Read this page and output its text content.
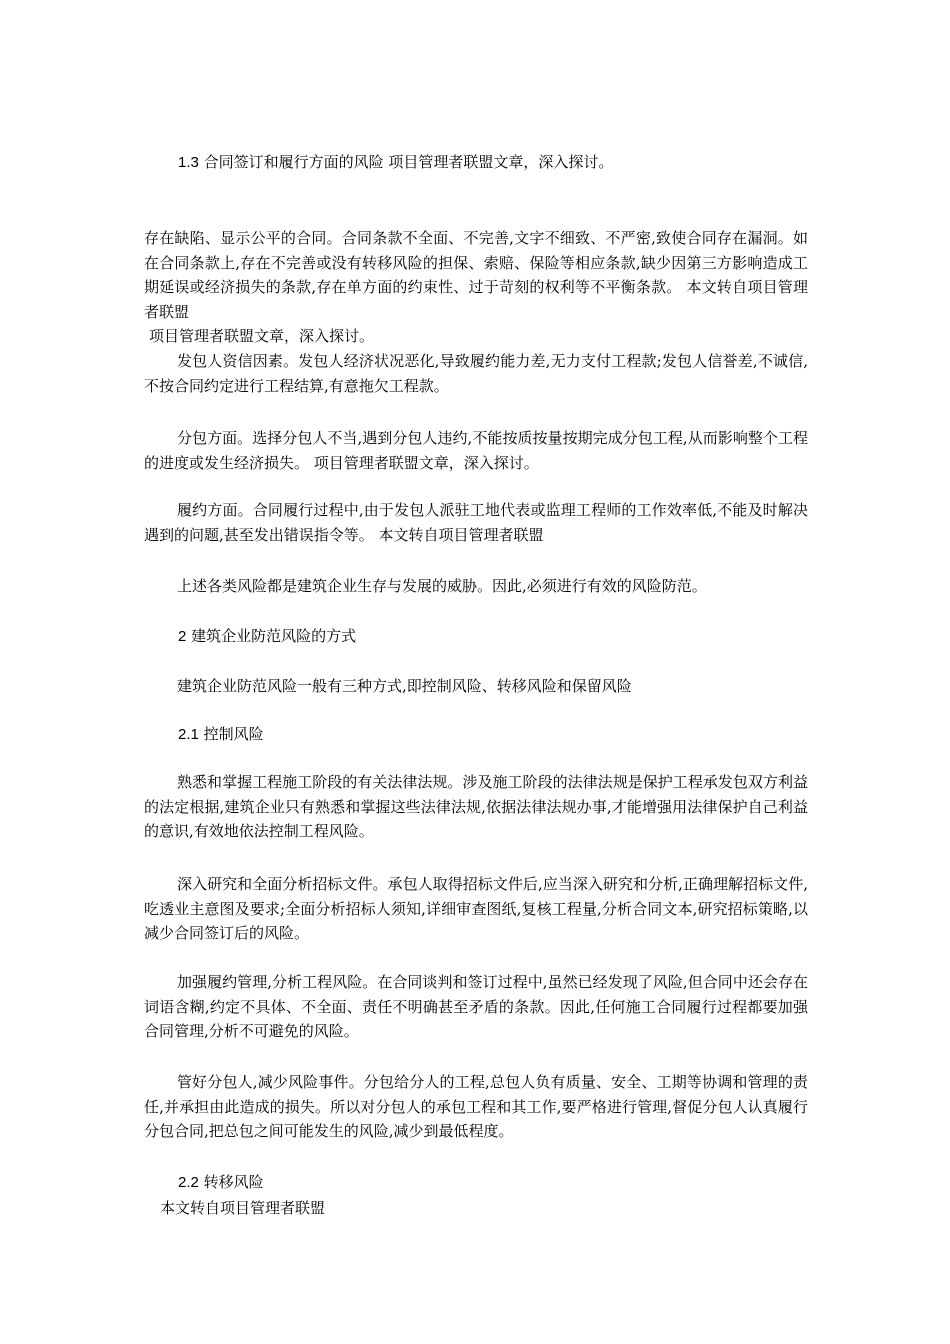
1.3 合同签订和履行方面的风险 项目管理者联盟文章，深入探讨。
存在缺陷、显示公平的合同。合同条款不全面、不完善,文字不细致、不严密,致使合同存在漏洞。如在合同条款上,存在不完善或没有转移风险的担保、索赔、保险等相应条款,缺少因第三方影响造成工期延误或经济损失的条款,存在单方面的约束性、过于苛刻的权利等不平衡条款。 本文转自项目管理者联盟
项目管理者联盟文章，深入探讨。
发包人资信因素。发包人经济状况恶化,导致履约能力差,无力支付工程款;发包人信誉差,不诚信,不按合同约定进行工程结算,有意拖欠工程款。
分包方面。选择分包人不当,遇到分包人违约,不能按质按量按期完成分包工程,从而影响整个工程的进度或发生经济损失。 项目管理者联盟文章，深入探讨。
履约方面。合同履行过程中,由于发包人派驻工地代表或监理工程师的工作效率低,不能及时解决遇到的问题,甚至发出错误指令等。 本文转自项目管理者联盟
上述各类风险都是建筑企业生存与发展的威胁。因此,必须进行有效的风险防范。
2 建筑企业防范风险的方式
建筑企业防范风险一般有三种方式,即控制风险、转移风险和保留风险
2.1 控制风险
熟悉和掌握工程施工阶段的有关法律法规。涉及施工阶段的法律法规是保护工程承发包双方利益的法定根据,建筑企业只有熟悉和掌握这些法律法规,依据法律法规办事,才能增强用法律保护自己利益的意识,有效地依法控制工程风险。
深入研究和全面分析招标文件。承包人取得招标文件后,应当深入研究和分析,正确理解招标文件,吃透业主意图及要求;全面分析招标人须知,详细审查图纸,复核工程量,分析合同文本,研究招标策略,以减少合同签订后的风险。
加强履约管理,分析工程风险。在合同谈判和签订过程中,虽然已经发现了风险,但合同中还会存在词语含糊,约定不具体、不全面、责任不明确甚至矛盾的条款。因此,任何施工合同履行过程都要加强合同管理,分析不可避免的风险。
管好分包人,减少风险事件。分包给分人的工程,总包人负有质量、安全、工期等协调和管理的责任,并承担由此造成的损失。所以对分包人的承包工程和其工作,要严格进行管理,督促分包人认真履行分包合同,把总包之间可能发生的风险,减少到最低程度。
2.2 转移风险
本文转自项目管理者联盟
